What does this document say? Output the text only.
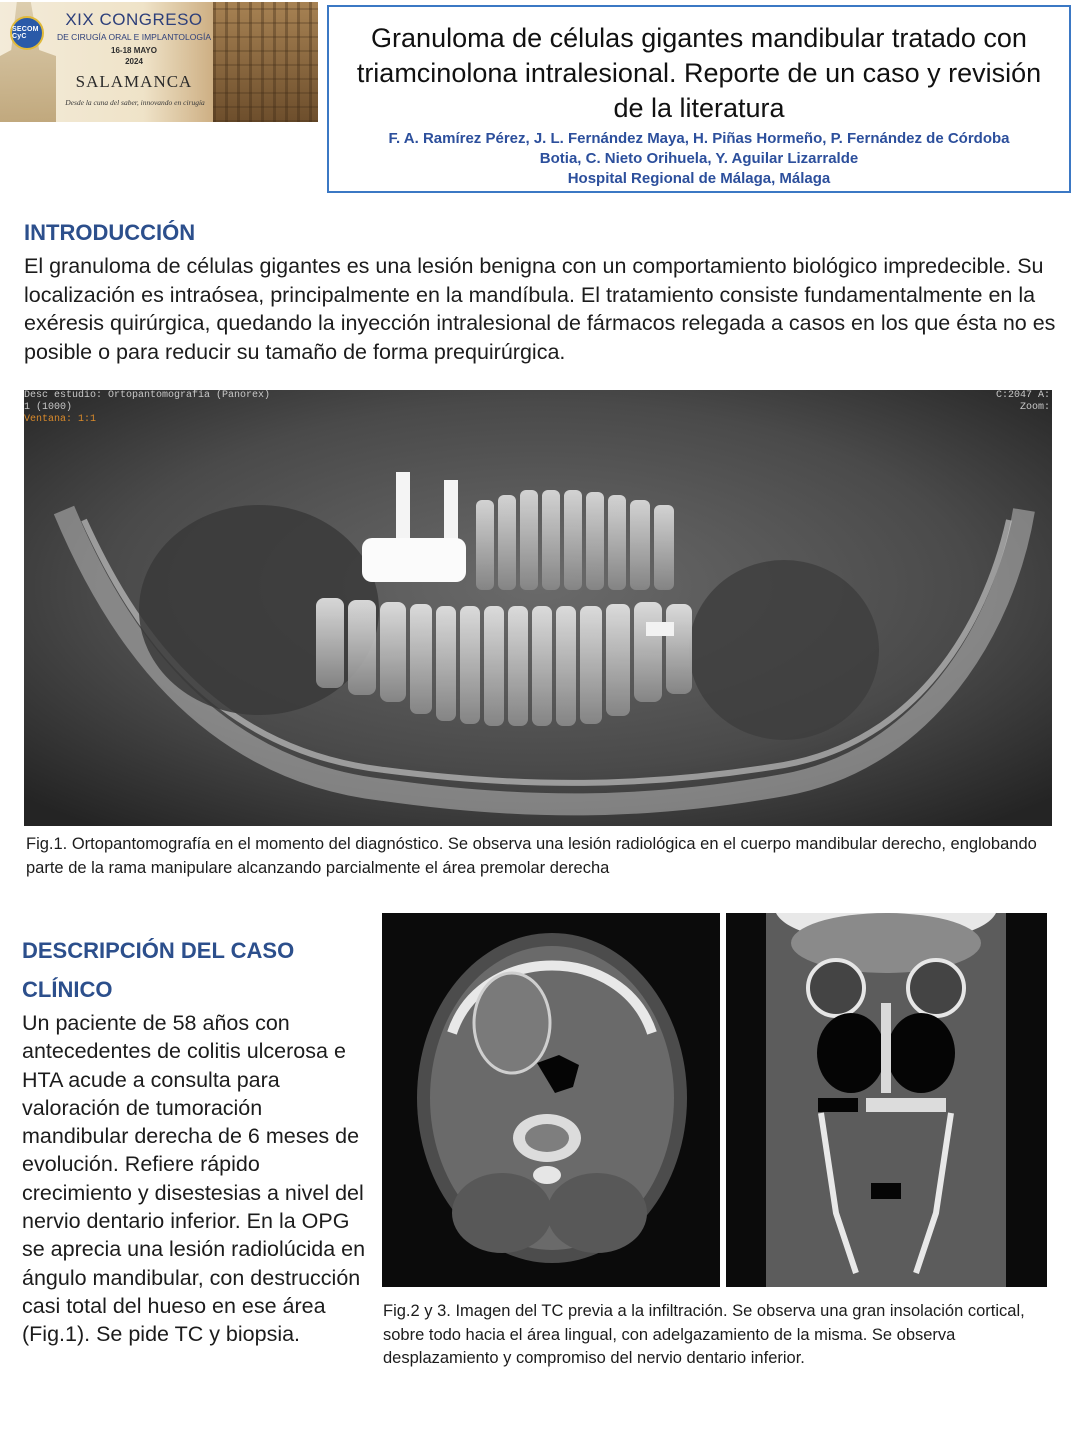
SECOM CyC
XIX CONGRESO
DE CIRUGÍA ORAL E IMPLANTOLOGÍA
16-18 MAYO
2024
SALAMANCA
Desde la cuna del saber, innovando en cirugía
Granuloma de células gigantes mandibular tratado con
triamcinolona intralesional. Reporte de un caso y revisión
de la literatura
F. A. Ramírez Pérez, J. L. Fernández Maya, H. Piñas Hormeño, P. Fernández de Córdoba
Botia, C. Nieto Orihuela, Y. Aguilar Lizarralde
Hospital Regional de Málaga, Málaga
INTRODUCCIÓN
El granuloma de células gigantes es una lesión benigna con un comportamiento biológico impredecible. Su localización es intraósea, principalmente en la mandíbula. El tratamiento consiste fundamentalmente en la exéresis quirúrgica, quedando la inyección intralesional de fármacos relegada a casos en los que ésta no es posible o para reducir su tamaño de forma prequirúrgica.
Desc estudio: Ortopantomografía (Panorex)
1 (1000)
Ventana: 1:1
C:2047 A:
Zoom:
Fig.1. Ortopantomografía en el momento del diagnóstico. Se observa una lesión radiológica en el cuerpo mandibular derecho, englobando parte de la rama manipulare alcanzando parcialmente el área premolar derecha
DESCRIPCIÓN DEL CASO
CLÍNICO
Un paciente de 58 años con antecedentes de colitis ulcerosa e HTA acude a consulta para valoración de tumoración mandibular derecha de 6 meses de evolución. Refiere rápido crecimiento y disestesias a nivel del nervio dentario inferior. En la OPG se aprecia una lesión radiolúcida en ángulo mandibular, con destrucción casi total del hueso en ese área (Fig.1). Se pide TC y biopsia.
Fig.2 y 3. Imagen del TC previa a la infiltración. Se observa una gran insolación cortical, sobre todo hacia el área lingual, con adelgazamiento de la misma. Se observa desplazamiento y compromiso del nervio dentario inferior.
